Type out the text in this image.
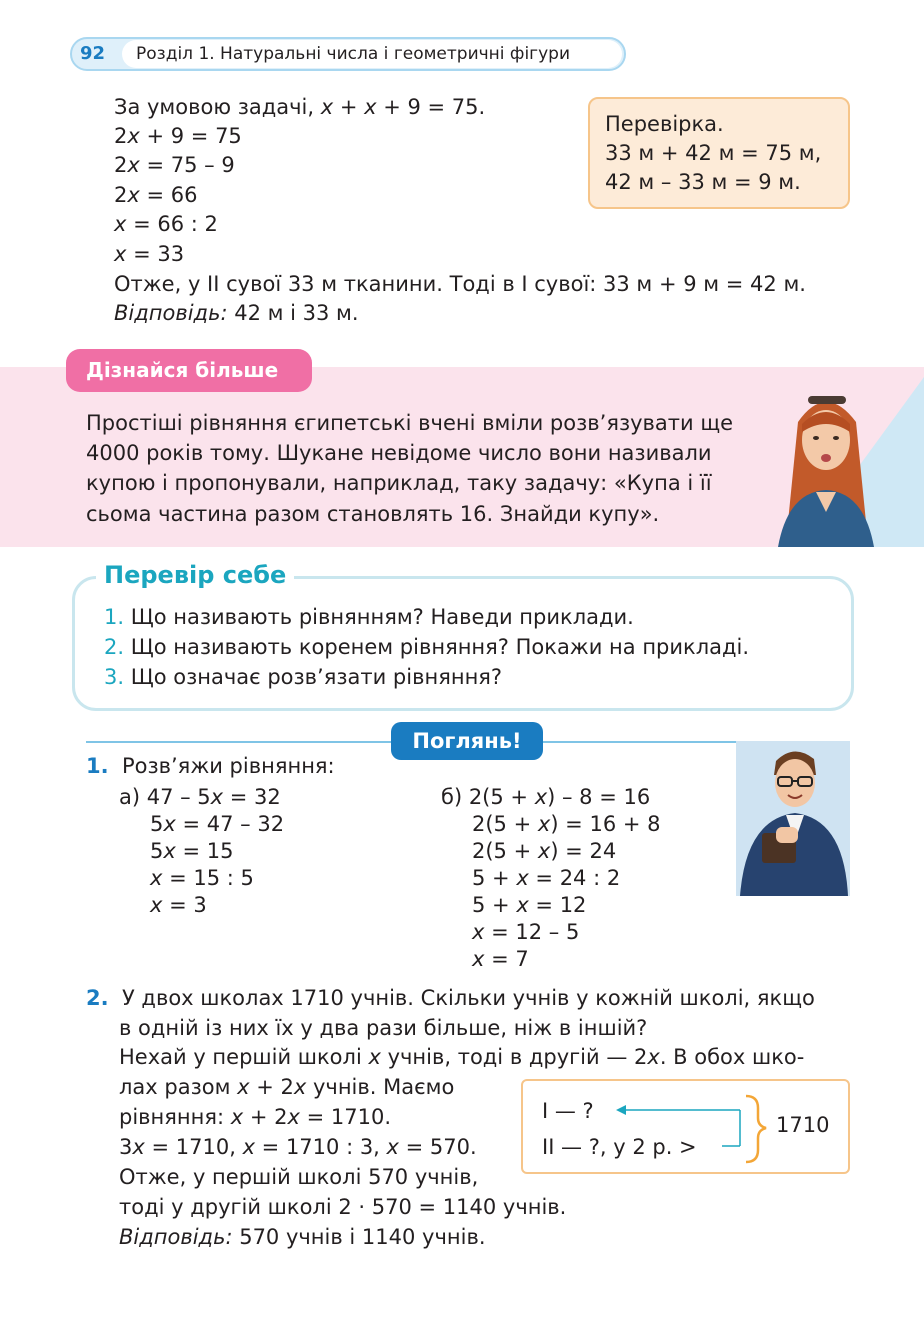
92 Розділ 1. Натуральні числа і геометричні фігури
За умовою задачі, x + x + 9 = 75.
2x + 9 = 75
2x = 75 – 9
2x = 66
x = 66 : 2
x = 33
Отже, у ІІ сувої 33 м тканини. Тоді в І сувої: 33 м + 9 м = 42 м.
Відповідь: 42 м і 33 м.
Перевірка.
33 м + 42 м = 75 м,
42 м – 33 м = 9 м.
Дізнайся більше
Простіші рівняння єгипетські вчені вміли розв’язувати ще
4000 років тому. Шукане невідоме число вони називали
купою і пропонували, наприклад, таку задачу: «Купа і її
сьома частина разом становлять 16. Знайди купу».
Перевір себе
1. Що називають рівнянням? Наведи приклади.
2. Що називають коренем рівняння? Покажи на прикладі.
3. Що означає розв’язати рівняння?
Поглянь!
1. Розв’яжи рівняння:
а) 47 – 5x = 32
5x = 47 – 32
5x = 15
x = 15 : 5
x = 3
б) 2(5 + x) – 8 = 16
2(5 + x) = 16 + 8
2(5 + x) = 24
5 + x = 24 : 2
5 + x = 12
x = 12 – 5
x = 7
2. У двох школах 1710 учнів. Скільки учнів у кожній школі, якщо
в одній із них їх у два рази більше, ніж в іншій?
Нехай у першій школі x учнів, тоді в другій — 2x. В обох шко-
лах разом x + 2x учнів. Маємо
рівняння: x + 2x = 1710.
3x = 1710, x = 1710 : 3, x = 570.
Отже, у першій школі 570 учнів,
тоді у другій школі 2 · 570 = 1140 учнів.
Відповідь: 570 учнів і 1140 учнів.
І — ?
ІІ — ?, у 2 р. >
1710
